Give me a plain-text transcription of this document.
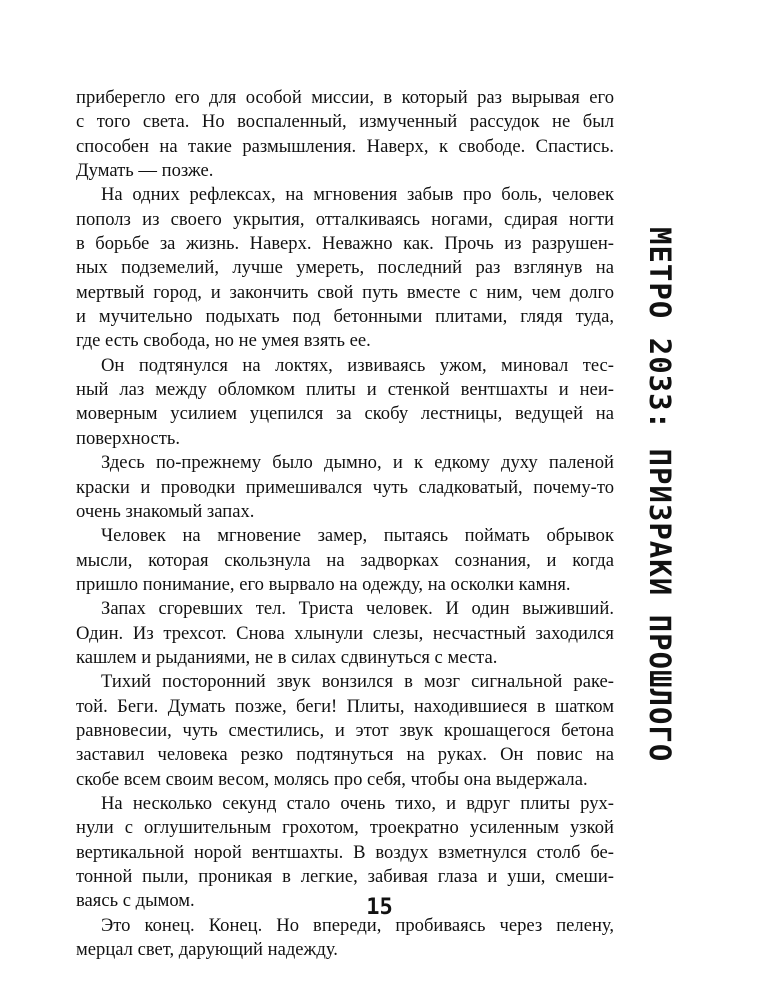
приберегло его для особой миссии, в который раз вырывая его
с того света. Но воспаленный, измученный рассудок не был
способен на такие размышления. Наверх, к свободе. Спастись.
Думать — позже.
На одних рефлексах, на мгновения забыв про боль, человек
пополз из своего укрытия, отталкиваясь ногами, сдирая ногти
в борьбе за жизнь. Наверх. Неважно как. Прочь из разрушен-
ных подземелий, лучше умереть, последний раз взглянув на
мертвый город, и закончить свой путь вместе с ним, чем долго
и мучительно подыхать под бетонными плитами, глядя туда,
где есть свобода, но не умея взять ее.
Он подтянулся на локтях, извиваясь ужом, миновал тес-
ный лаз между обломком плиты и стенкой вентшахты и неи-
моверным усилием уцепился за скобу лестницы, ведущей на
поверхность.
Здесь по-прежнему было дымно, и к едкому духу паленой
краски и проводки примешивался чуть сладковатый, почему-то
очень знакомый запах.
Человек на мгновение замер, пытаясь поймать обрывок
мысли, которая скользнула на задворках сознания, и когда
пришло понимание, его вырвало на одежду, на осколки камня.
Запах сгоревших тел. Триста человек. И один выживший.
Один. Из трехсот. Снова хлынули слезы, несчастный заходился
кашлем и рыданиями, не в силах сдвинуться с места.
Тихий посторонний звук вонзился в мозг сигнальной раке-
той. Беги. Думать позже, беги! Плиты, находившиеся в шатком
равновесии, чуть сместились, и этот звук крошащегося бетона
заставил человека резко подтянуться на руках. Он повис на
скобе всем своим весом, молясь про себя, чтобы она выдержала.
На несколько секунд стало очень тихо, и вдруг плиты рух-
нули с оглушительным грохотом, троекратно усиленным узкой
вертикальной норой вентшахты. В воздух взметнулся столб бе-
тонной пыли, проникая в легкие, забивая глаза и уши, смеши-
ваясь с дымом.
Это конец. Конец. Но впереди, пробиваясь через пелену,
мерцал свет, дарующий надежду.
МЕТРО 2033: ПРИЗРАКИ ПРОШЛОГО
15
